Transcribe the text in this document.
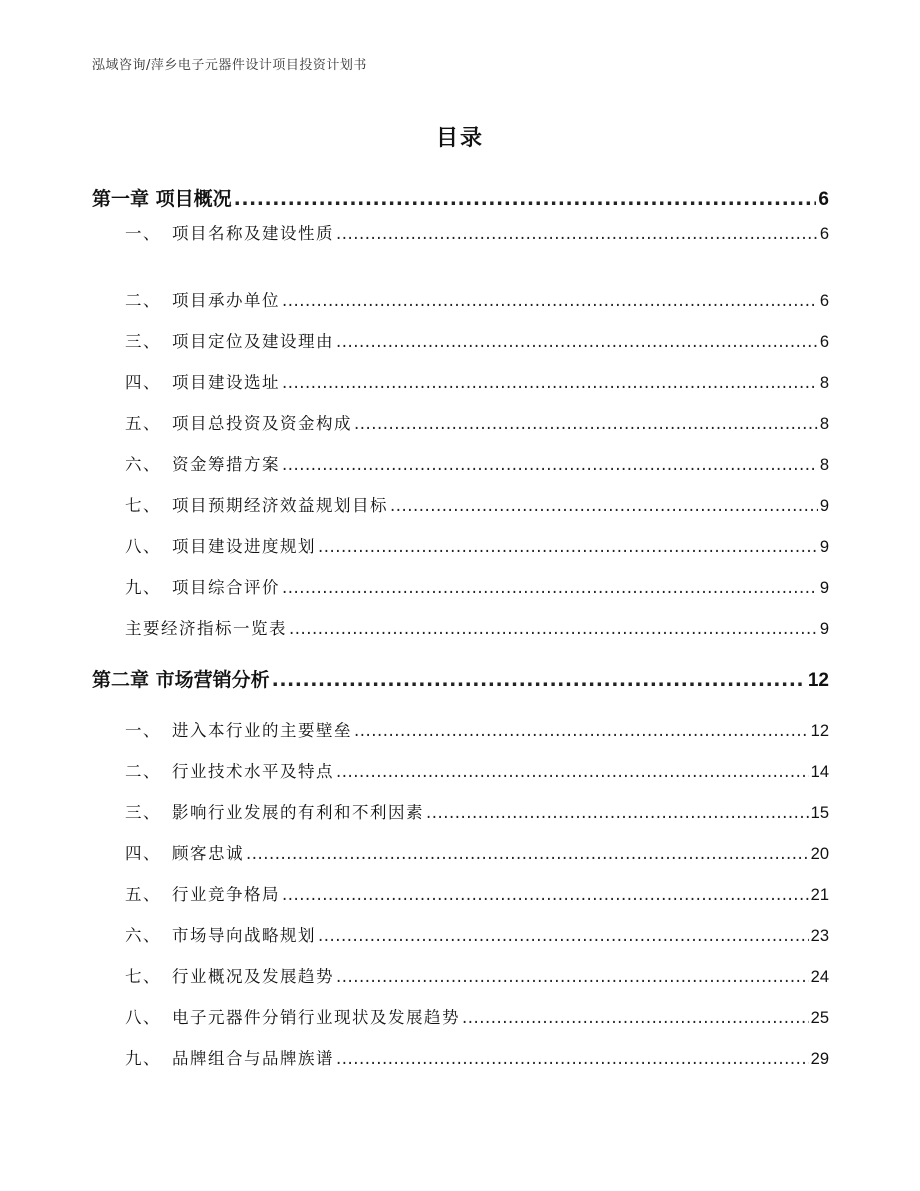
泓域咨询/萍乡电子元器件设计项目投资计划书
目录
第一章 项目概况 .....	6
一、 项目名称及建设性质 .....	6
二、 项目承办单位 .....	6
三、 项目定位及建设理由 .....	6
四、 项目建设选址 .....	8
五、 项目总投资及资金构成 .....	8
六、 资金筹措方案 .....	8
七、 项目预期经济效益规划目标 .....	9
八、 项目建设进度规划 .....	9
九、 项目综合评价 .....	9
主要经济指标一览表 .....	9
第二章 市场营销分析 .....	12
一、 进入本行业的主要壁垒 .....	12
二、 行业技术水平及特点 .....	14
三、 影响行业发展的有利和不利因素 .....	15
四、 顾客忠诚 .....	20
五、 行业竞争格局 .....	21
六、 市场导向战略规划 .....	23
七、 行业概况及发展趋势 .....	24
八、 电子元器件分销行业现状及发展趋势 .....	25
九、 品牌组合与品牌族谱 .....	29
